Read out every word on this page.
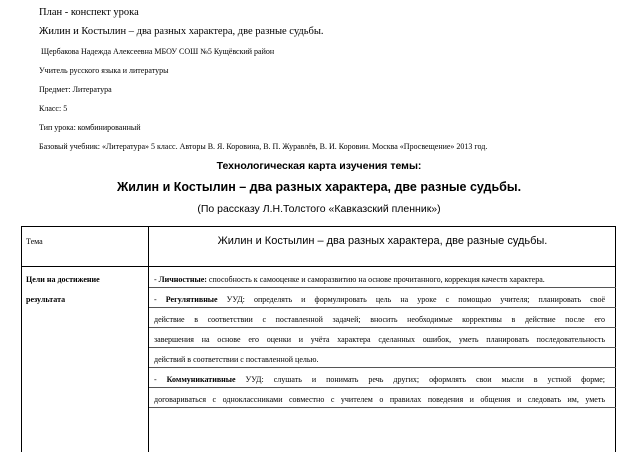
План - конспект урока
Жилин и Костылин – два разных характера, две разные судьбы.
Щербакова Надежда Алексеевна МБОУ СОШ №5 Кущёвский район
Учитель русского языка и литературы
Предмет: Литература
Класс: 5
Тип урока: комбинированный
Базовый учебник: «Литература» 5 класс. Авторы В. Я. Коровина, В. П. Журавлёв, В. И. Коровин. Москва «Просвещение» 2013 год.
Технологическая карта изучения темы:
Жилин и Костылин – два разных характера, две разные судьбы.
(По рассказу Л.Н.Толстого «Кавказский пленник»)
Тема	Жилин и Костылин – два разных характера, две разные судьбы.
Цели на достижение
результата
- Личностные: способность к самооценке и саморазвитию на основе прочитанного, коррекция качеств характера.
- Регулятивные УУД: определять и формулировать цель на уроке с помощью учителя; планировать своё
действие в соответствии с поставленной задачей; вносить необходимые коррективы в действие после его
завершения на основе его оценки и учёта характера сделанных ошибок, уметь планировать последовательность
действий в соответствии с поставленной целью.
- Коммуникативные УУД: слушать и понимать речь других; оформлять свои мысли в устной форме;
договариваться с одноклассниками совместно с учителем о правилах поведения и общения и следовать им, уметь
